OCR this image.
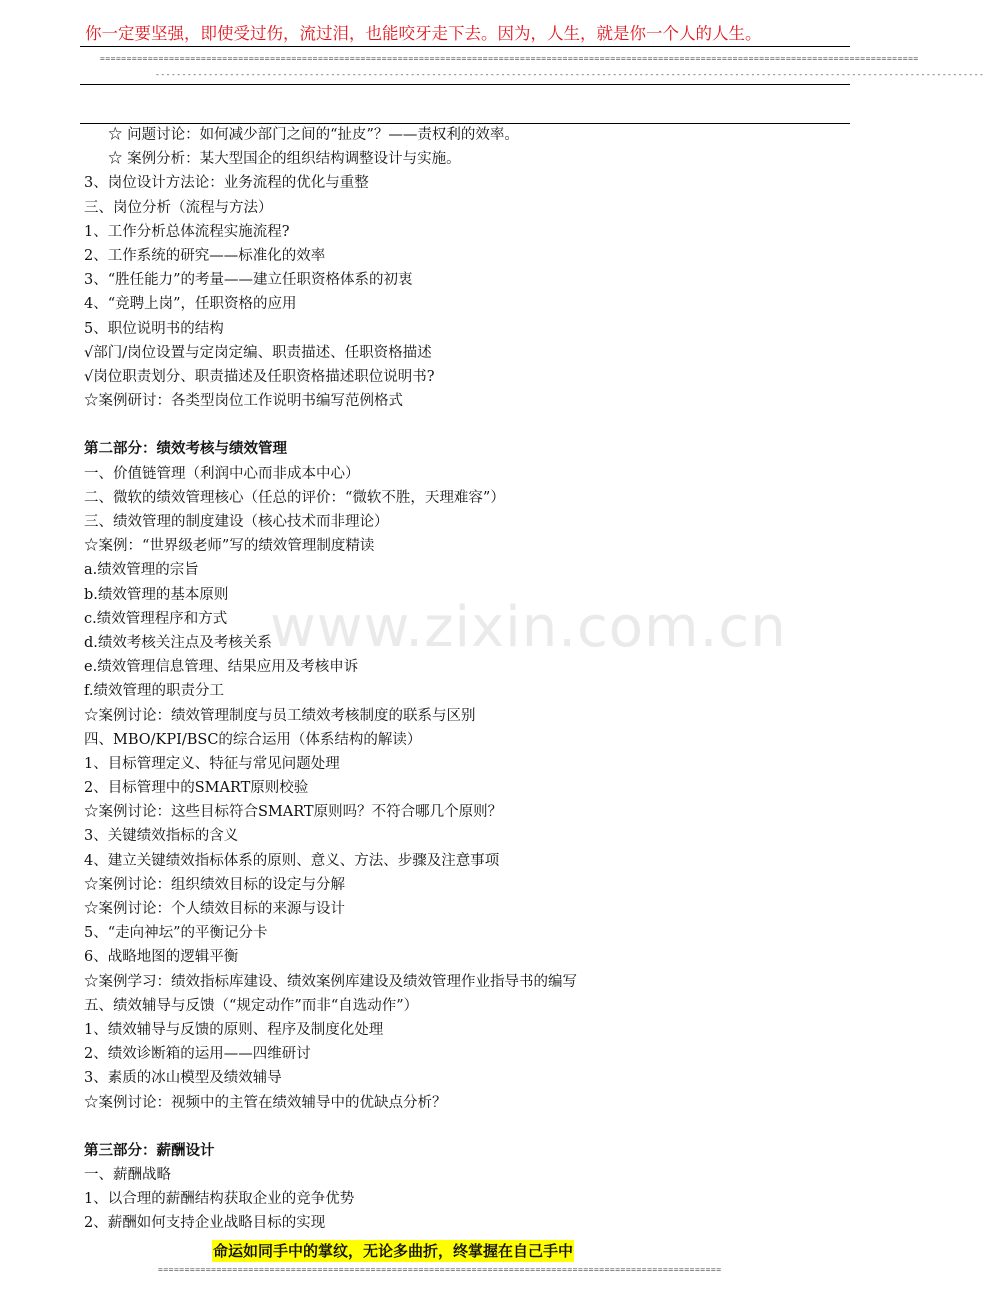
你一定要坚强，即使受过伤，流过泪，也能咬牙走下去。因为，人生，就是你一个人的人生。
==========================================================================================================================================================
------------------------------------------------------------------------------------------------------------------------------------------------------------
www.zixin.com.cn
☆ 问题讨论：如何减少部门之间的“扯皮”？——责权利的效率。
☆ 案例分析：某大型国企的组织结构调整设计与实施。
3、岗位设计方法论：业务流程的优化与重整
三、岗位分析（流程与方法）
1、工作分析总体流程实施流程?
2、工作系统的研究——标准化的效率
3、“胜任能力”的考量——建立任职资格体系的初衷
4、“竞聘上岗”，任职资格的应用
5、职位说明书的结构
√部门/岗位设置与定岗定编、职责描述、任职资格描述
√岗位职责划分、职责描述及任职资格描述职位说明书?
☆案例研讨：各类型岗位工作说明书编写范例格式
第二部分：绩效考核与绩效管理
一、价值链管理（利润中心而非成本中心）
二、微软的绩效管理核心（任总的评价：“微软不胜，天理难容”）
三、绩效管理的制度建设（核心技术而非理论）
☆案例：“世界级老师”写的绩效管理制度精读
a.绩效管理的宗旨
b.绩效管理的基本原则
c.绩效管理程序和方式
d.绩效考核关注点及考核关系
e.绩效管理信息管理、结果应用及考核申诉
f.绩效管理的职责分工
☆案例讨论：绩效管理制度与员工绩效考核制度的联系与区别
四、MBO/KPI/BSC的综合运用（体系结构的解读）
1、目标管理定义、特征与常见问题处理
2、目标管理中的SMART原则校验
☆案例讨论：这些目标符合SMART原则吗？不符合哪几个原则？
3、关键绩效指标的含义
4、建立关键绩效指标体系的原则、意义、方法、步骤及注意事项
☆案例讨论：组织绩效目标的设定与分解
☆案例讨论：个人绩效目标的来源与设计
5、“走向神坛”的平衡记分卡
6、战略地图的逻辑平衡
☆案例学习：绩效指标库建设、绩效案例库建设及绩效管理作业指导书的编写
五、绩效辅导与反馈（“规定动作”而非“自选动作”）
1、绩效辅导与反馈的原则、程序及制度化处理
2、绩效诊断箱的运用——四维研讨
3、素质的冰山模型及绩效辅导
☆案例讨论：视频中的主管在绩效辅导中的优缺点分析？
第三部分：薪酬设计
一、薪酬战略
1、以合理的薪酬结构获取企业的竞争优势
2、薪酬如何支持企业战略目标的实现
命运如同手中的掌纹，无论多曲折，终掌握在自己手中
==========================================================================================================
